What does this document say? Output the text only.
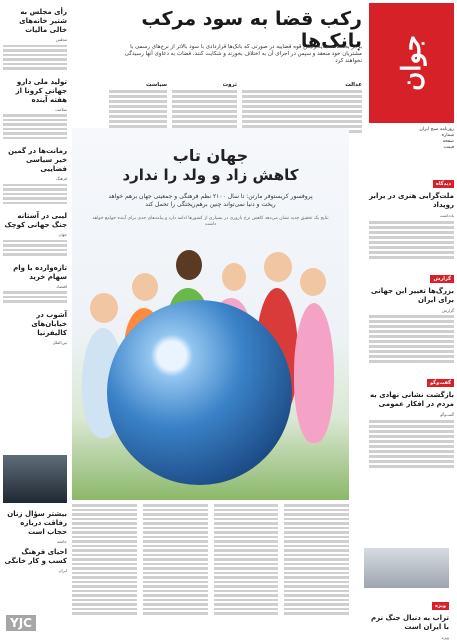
جوان
روزنامه صبح ایران
شماره
صفحه
قیمت
رکب قضا به سود مرکب بانک‌ها
برابر بخشنامه جدید رئیس قوه قضاییه در صورتی که بانک‌ها قراردادی با سود بالاتر از نرخ‌های رسمی با مشتریان خود منعقد و سپس در اجرای آن به اختلاف بخورند و شکایت کنند، قضات به دعاوی آنها رسیدگی نخواهند کرد
عدالت
ثروت
سیاست
جهان تاب
کاهش زاد و ولد را ندارد
پروفسور کریستوفر مارتن: تا سال ۲۱۰۰ نظم فرهنگی و جمعیتی جهان برهم خواهد ریخت و دنیا نمی‌تواند چنین برهم‌ریختگی را تحمل کند
نتایج یک تحقیق جدید نشان می‌دهد کاهش نرخ باروری در بسیاری از کشورها ادامه دارد و پیامدهای جدی برای آینده جوامع خواهد داشت
دیدگاه
ملت‌گرایی هنری در برابر رویداد
یادداشت
گزارش
بزرگ‌ها تغییر این جهانی برای ایران
گزارش
گفت‌وگو
بازگشت نشانی نهادی به مردم در افکار عمومی
گفت‌وگو
ویژه
تراب به دنبال جنگ نرم با ایران است
ویژه
رأی مجلس به شتیر خانه‌های خالی مالیات
مجلس
تولید ملی دارو جهانی کرونا از هفته آینده
سلامت
رمانت‌ها در گمین خیر سیاسی فضاییی
فرهنگ
لیبی در آستانه جنگ جهانی کوچک
جهان
تازه‌وارده با وام سهام خرید
اقتصاد
آشوب در خیابان‌های کالیفرنیا
بین‌الملل
بیشتر سؤال زنان رفاقت درباره حجاب است
جامعه
احیای فرهنگ کسب و کار خانگی
ایران
YJC
